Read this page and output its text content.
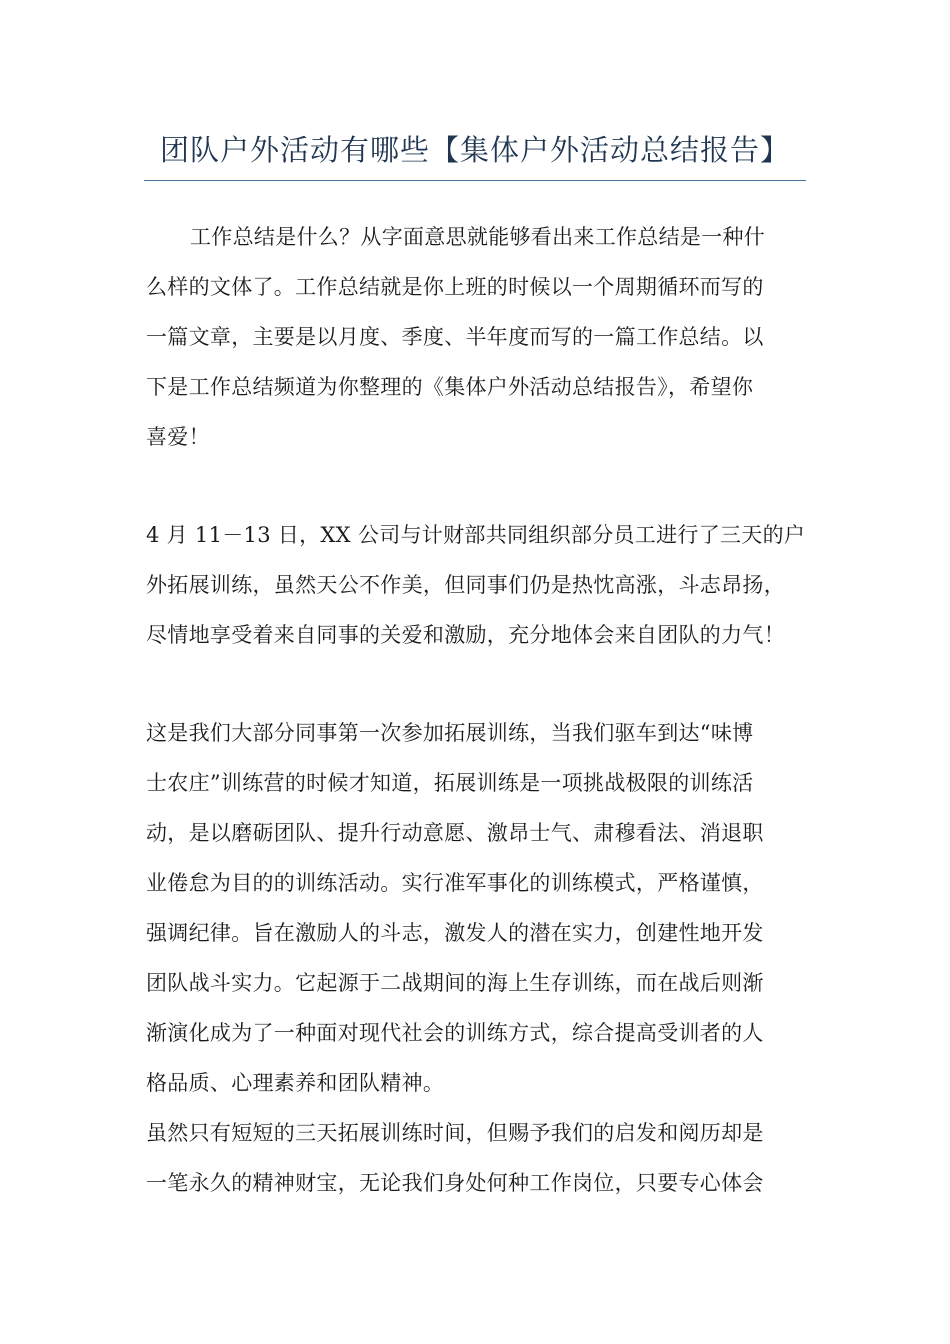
团队户外活动有哪些【集体户外活动总结报告】
工作总结是什么？从字面意思就能够看出来工作总结是一种什
么样的文体了。工作总结就是你上班的时候以一个周期循环而写的
一篇文章，主要是以月度、季度、半年度而写的一篇工作总结。以
下是工作总结频道为你整理的《集体户外活动总结报告》，希望你
喜爱！
4 月 11－13 日，XX 公司与计财部共同组织部分员工进行了三天的户
外拓展训练，虽然天公不作美，但同事们仍是热忱高涨，斗志昂扬，
尽情地享受着来自同事的关爱和激励，充分地体会来自团队的力气！
这是我们大部分同事第一次参加拓展训练，当我们驱车到达“味博
士农庄”训练营的时候才知道，拓展训练是一项挑战极限的训练活
动，是以磨砺团队、提升行动意愿、激昂士气、肃穆看法、消退职
业倦怠为目的的训练活动。实行准军事化的训练模式，严格谨慎，
强调纪律。旨在激励人的斗志，激发人的潜在实力，创建性地开发
团队战斗实力。它起源于二战期间的海上生存训练，而在战后则渐
渐演化成为了一种面对现代社会的训练方式，综合提高受训者的人
格品质、心理素养和团队精神。
虽然只有短短的三天拓展训练时间，但赐予我们的启发和阅历却是
一笔永久的精神财宝，无论我们身处何种工作岗位，只要专心体会
